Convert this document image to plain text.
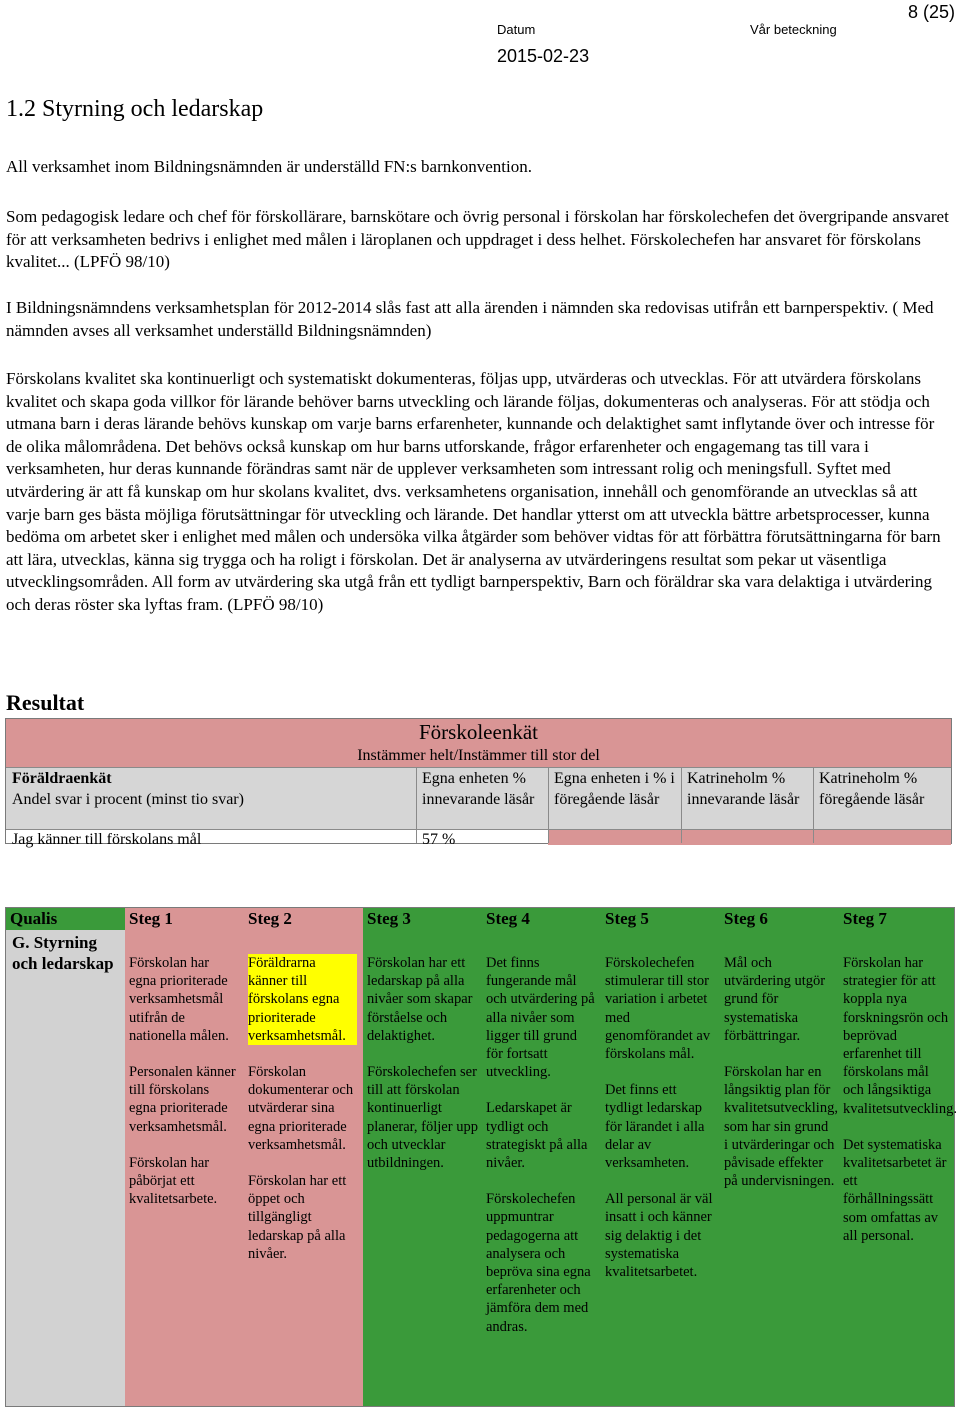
Datum	Vår beteckning
2015-02-23
8 (25)
1.2 Styrning och ledarskap

All verksamhet inom Bildningsnämnden är underställd FN:s barnkonvention.

Som pedagogisk ledare och chef för förskollärare, barnskötare och övrig personal i förskolan har förskolechefen det övergripande ansvaret för att verksamheten bedrivs i enlighet med målen i läroplanen och uppdraget i dess helhet. Förskolechefen har ansvaret för förskolans kvalitet... (LPFÖ 98/10)

I Bildningsnämndens verksamhetsplan för 2012-2014 slås fast att alla ärenden i nämnden ska redovisas utifrån ett barnperspektiv. ( Med nämnden avses all verksamhet underställd Bildningsnämnden)

Förskolans kvalitet ska kontinuerligt och systematiskt dokumenteras, följas upp, utvärderas och utvecklas. För att utvärdera förskolans kvalitet och skapa goda villkor för lärande behöver barns utveckling och lärande följas, dokumenteras och analyseras. För att stödja och utmana barn i deras lärande behövs kunskap om varje barns erfarenheter, kunnande och delaktighet samt inflytande över och intresse för de olika målområdena. Det behövs också kunskap om hur barns utforskande, frågor erfarenheter och engagemang tas till vara i verksamheten, hur deras kunnande förändras samt när de upplever verksamheten som intressant rolig och meningsfull. Syftet med utvärdering är att få kunskap om hur skolans kvalitet, dvs. verksamhetens organisation, innehåll och genomförande an utvecklas så att varje barn ges bästa möjliga förutsättningar för utveckling och lärande. Det handlar ytterst om att utveckla bättre arbetsprocesser, kunna bedöma om arbetet sker i enlighet med målen och undersöka vilka åtgärder som behöver vidtas för att förbättra förutsättningarna för barn att lära, utvecklas, känna sig trygga och ha roligt i förskolan. Det är analyserna av utvärderingens resultat som pekar ut väsentliga utvecklingsområden. All form av utvärdering ska utgå från ett tydligt barnperspektiv, Barn och föräldrar ska vara delaktiga i utvärdering och deras röster ska lyftas fram. (LPFÖ 98/10)

Resultat
Förskoleenkät
Instämmer helt/Instämmer till stor del
Föräldraenkät
Andel svar i procent (minst tio svar)
Egna enheten % innevarande läsår
Egna enheten i % i föregående läsår
Katrineholm % innevarande läsår
Katrineholm % föregående läsår
Jag känner till förskolans mål	57 %
Qualis
G. Styrning och ledarskap
Steg 1

Förskolan har egna prioriterade verksamhetsmål utifrån de nationella målen.

Personalen känner till förskolans egna prioriterade verksamhetsmål.

Förskolan har påbörjat ett kvalitetsarbete.

Steg 2

Föräldrarna känner till förskolans egna prioriterade verksamhetsmål.

Förskolan dokumenterar och utvärderar sina egna prioriterade verksamhetsmål.

Förskolan har ett öppet och tillgängligt ledarskap på alla nivåer.

Steg 3

Förskolan har ett ledarskap på alla nivåer som skapar förståelse och delaktighet.

Förskolechefen ser till att förskolan kontinuerligt planerar, följer upp och utvecklar utbildningen.

Steg 4

Det finns fungerande mål och utvärdering på alla nivåer som ligger till grund för fortsatt utveckling.

Ledarskapet är tydligt och strategiskt på alla nivåer.

Förskolechefen uppmuntrar pedagogerna att analysera och beprövа sina egna erfarenheter och jämföra dem med andras.

Steg 5

Förskolechefen stimulerar till stor variation i arbetet med genomförandet av förskolans mål.

Det finns ett tydligt ledarskap för lärandet i alla delar av verksamheten.

All personal är väl insatt i och känner sig delaktig i det systematiska kvalitetsarbetet.

Steg 6

Mål och utvärdering utgör grund för systematiska förbättringar.

Förskolan har en långsiktig plan för kvalitetsutveckling, som har sin grund i utvärderingar och påvisade effekter på undervisningen.

Steg 7

Förskolan har strategier för att koppla nya forskningsrön och beprövad erfarenhet till förskolans mål och långsiktiga kvalitetsutveckling.

Det systematiska kvalitetsarbetet är ett förhållningssätt som omfattas av all personal.
